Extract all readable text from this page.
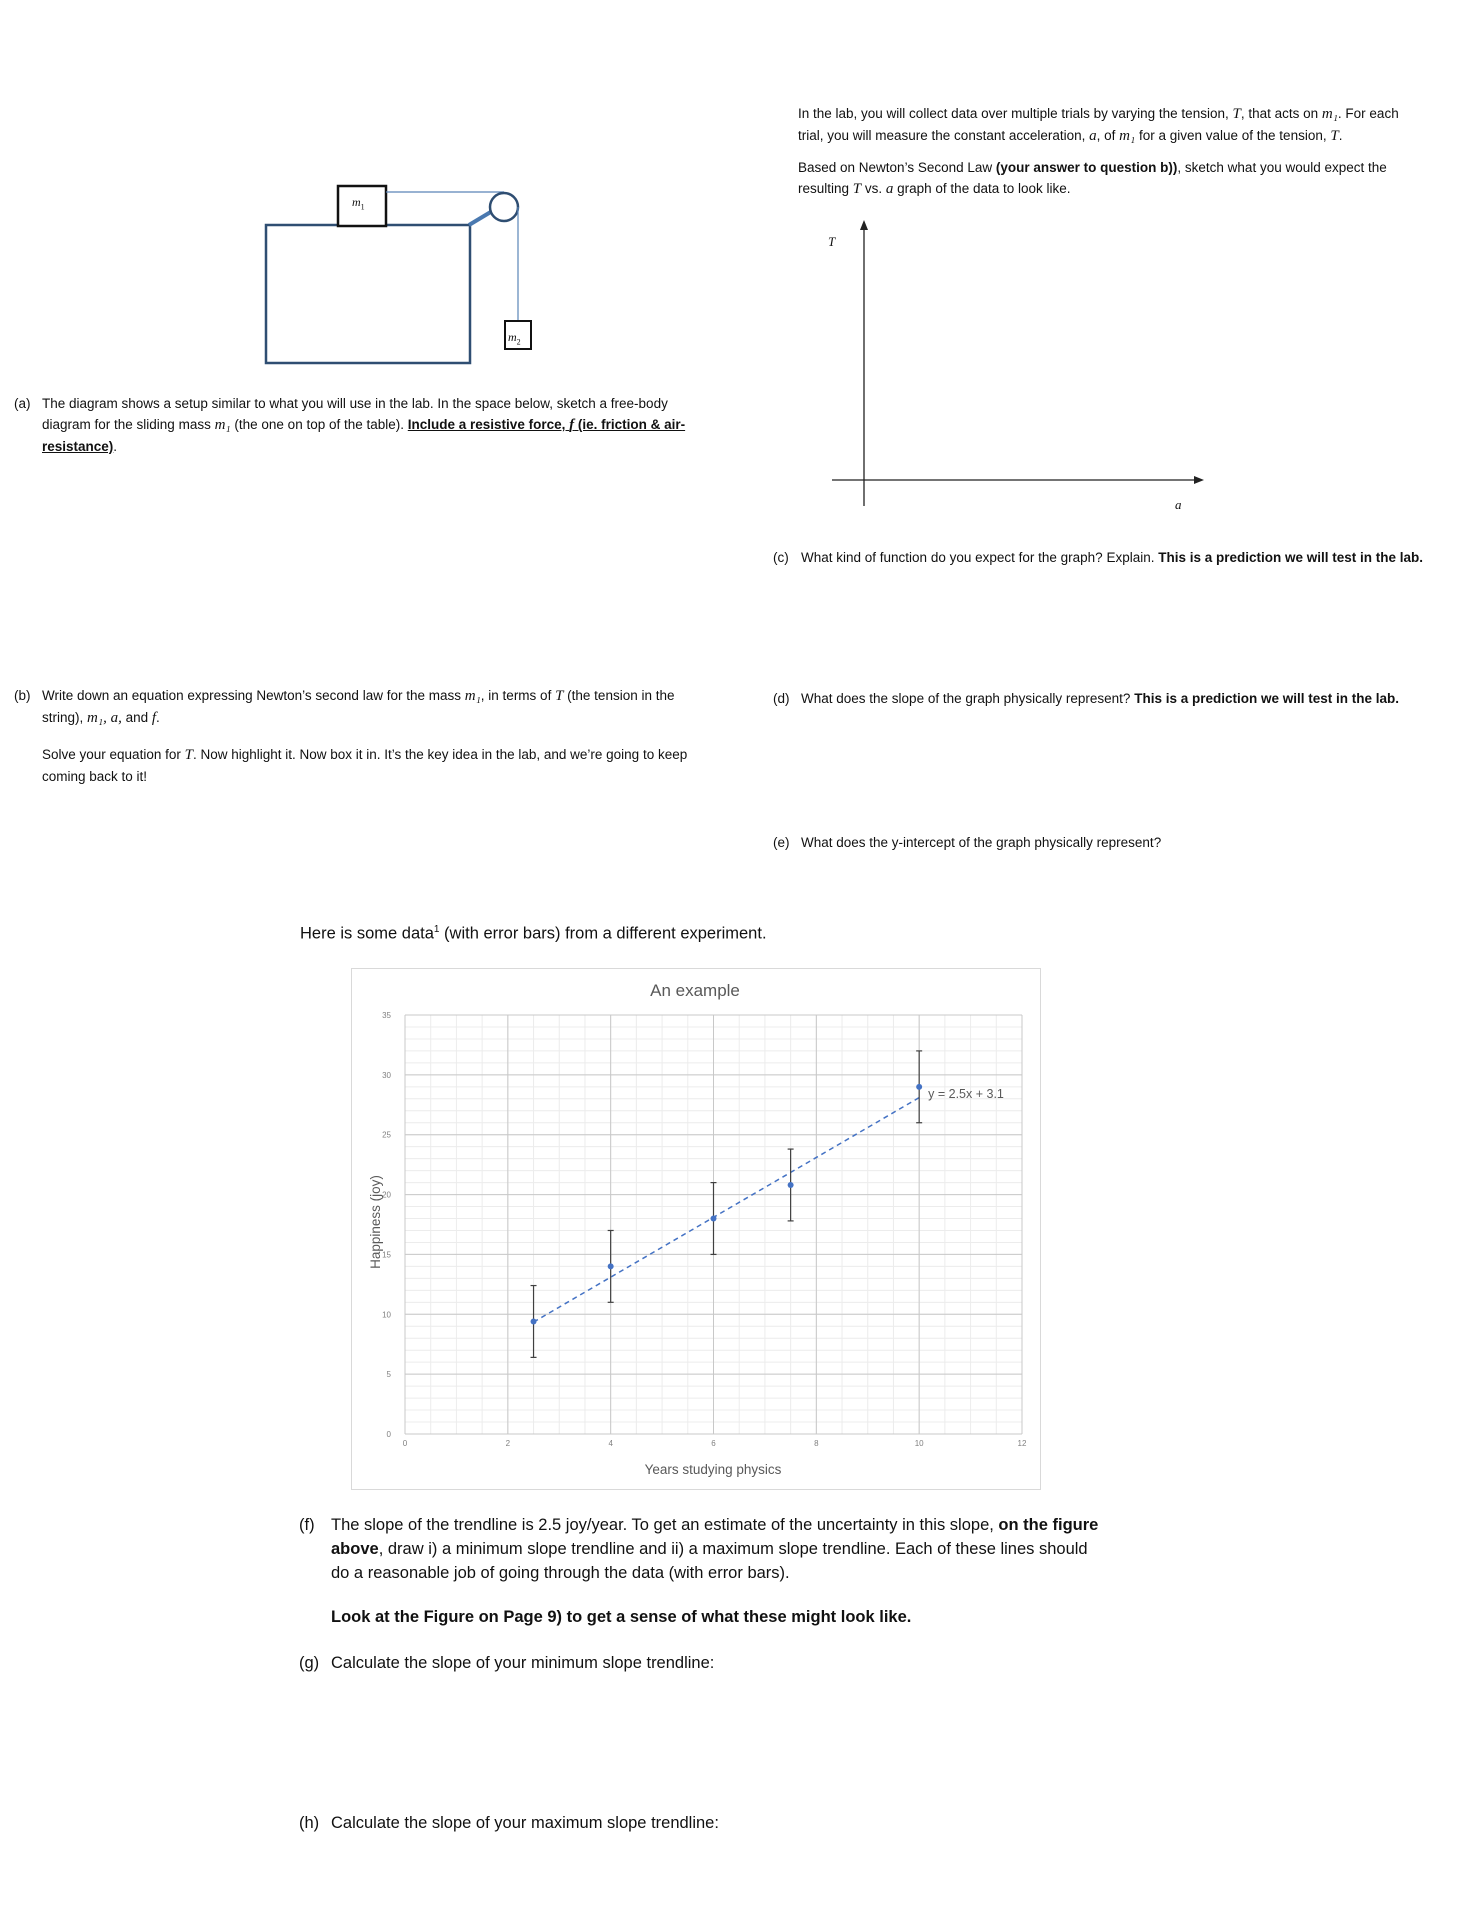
$m_1$
$m_2$
(a) The diagram shows a setup similar to what you will use in the lab. In the space below, sketch a free-body diagram for the sliding mass m₁ (the one on top of the table). Include a resistive force, f (ie. friction & air-resistance).
(b) Write down an equation expressing Newton’s second law for the mass m₁, in terms of T (the tension in the string), m₁, a, and f.
Solve your equation for T. Now highlight it. Now box it in. It’s the key idea in the lab, and we’re going to keep coming back to it!
In the lab, you will collect data over multiple trials by varying the tension, T, that acts on m₁. For each trial, you will measure the constant acceleration, a, of m₁ for a given value of the tension, T.
Based on Newton’s Second Law (your answer to question b)), sketch what you would expect the resulting T vs. a graph of the data to look like.
T
a
(c) What kind of function do you expect for the graph? Explain. This is a prediction we will test in the lab.
(d) What does the slope of the graph physically represent? This is a prediction we will test in the lab.
(e) What does the y-intercept of the graph physically represent?
Here is some data$^1$ (with error bars) from a different experiment.
An example
0
5
10
15
20
25
30
35
0	2	4	6	8	10	12
y = 2.5x + 3.1
Years studying physics
Happiness (joy)
(f) The slope of the trendline is 2.5 joy/year. To get an estimate of the uncertainty in this slope, on the figure above, draw i) a minimum slope trendline and ii) a maximum slope trendline. Each of these lines should do a reasonable job of going through the data (with error bars).
Look at the Figure on Page 9) to get a sense of what these might look like.
(g) Calculate the slope of your minimum slope trendline:
(h) Calculate the slope of your maximum slope trendline:
